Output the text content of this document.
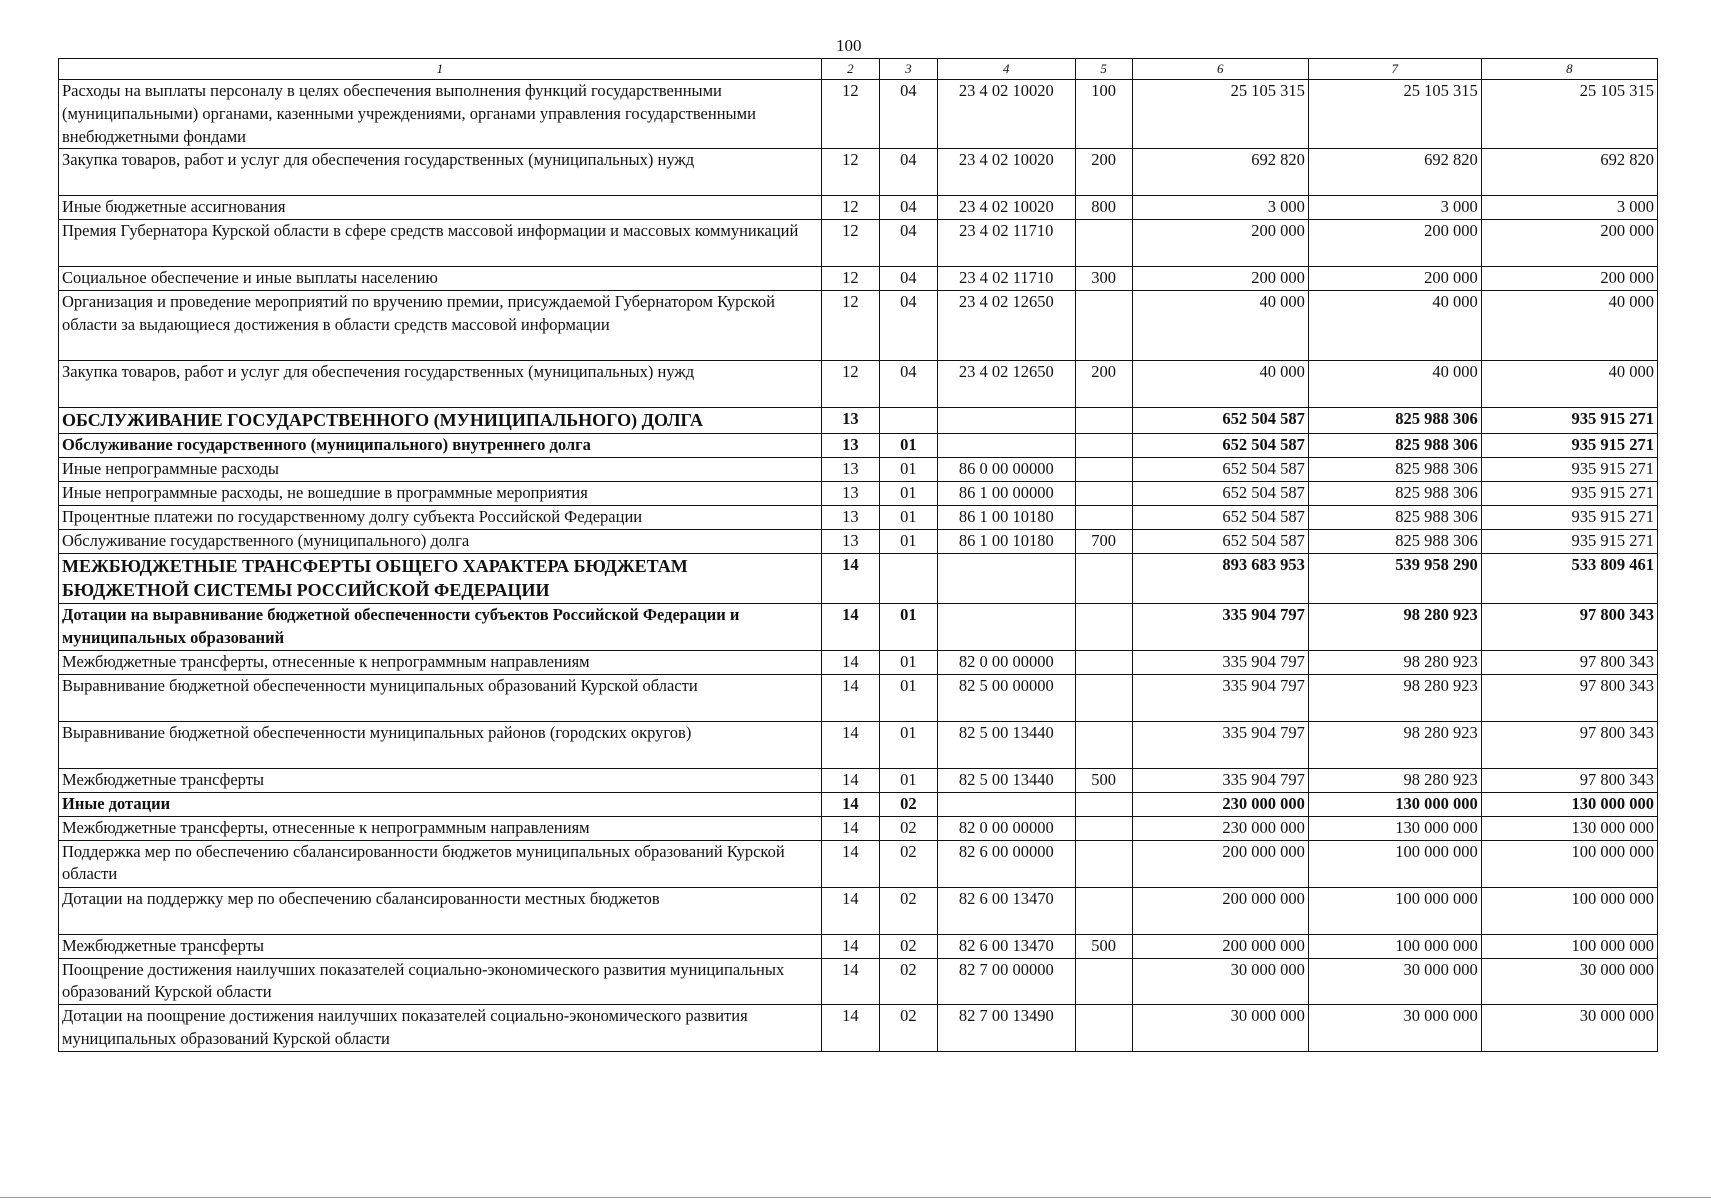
100
1	2	3	4	5	6	7	8
Расходы на выплаты персоналу в целях обеспечения выполнения функций государственными (муниципальными) органами, казенными учреждениями, органами управления государственными внебюджетными фондами	12	04	23 4 02 10020	100	25 105 315	25 105 315	25 105 315
Закупка товаров, работ и услуг для обеспечения государственных (муниципальных) нужд	12	04	23 4 02 10020	200	692 820	692 820	692 820
Иные бюджетные ассигнования	12	04	23 4 02 10020	800	3 000	3 000	3 000
Премия Губернатора Курской области в сфере средств массовой информации и массовых коммуникаций	12	04	23 4 02 11710		200 000	200 000	200 000
Социальное обеспечение и иные выплаты населению	12	04	23 4 02 11710	300	200 000	200 000	200 000
Организация и проведение мероприятий по вручению премии, присуждаемой Губернатором Курской области за выдающиеся достижения в области средств массовой информации	12	04	23 4 02 12650		40 000	40 000	40 000
Закупка товаров, работ и услуг для обеспечения государственных (муниципальных) нужд	12	04	23 4 02 12650	200	40 000	40 000	40 000
ОБСЛУЖИВАНИЕ ГОСУДАРСТВЕННОГО (МУНИЦИПАЛЬНОГО) ДОЛГА	13				652 504 587	825 988 306	935 915 271
Обслуживание государственного (муниципального) внутреннего долга	13	01			652 504 587	825 988 306	935 915 271
Иные непрограммные расходы	13	01	86 0 00 00000		652 504 587	825 988 306	935 915 271
Иные непрограммные расходы, не вошедшие в программные мероприятия	13	01	86 1 00 00000		652 504 587	825 988 306	935 915 271
Процентные платежи по государственному долгу субъекта Российской Федерации	13	01	86 1 00 10180		652 504 587	825 988 306	935 915 271
Обслуживание государственного (муниципального) долга	13	01	86 1 00 10180	700	652 504 587	825 988 306	935 915 271
МЕЖБЮДЖЕТНЫЕ ТРАНСФЕРТЫ ОБЩЕГО ХАРАКТЕРА БЮДЖЕТАМ БЮДЖЕТНОЙ СИСТЕМЫ РОССИЙСКОЙ ФЕДЕРАЦИИ	14				893 683 953	539 958 290	533 809 461
Дотации на выравнивание бюджетной обеспеченности субъектов Российской Федерации и муниципальных образований	14	01			335 904 797	98 280 923	97 800 343
Межбюджетные трансферты, отнесенные к непрограммным направлениям	14	01	82 0 00 00000		335 904 797	98 280 923	97 800 343
Выравнивание бюджетной обеспеченности муниципальных образований Курской области	14	01	82 5 00 00000		335 904 797	98 280 923	97 800 343
Выравнивание бюджетной обеспеченности муниципальных районов (городских округов)	14	01	82 5 00 13440		335 904 797	98 280 923	97 800 343
Межбюджетные трансферты	14	01	82 5 00 13440	500	335 904 797	98 280 923	97 800 343
Иные дотации	14	02			230 000 000	130 000 000	130 000 000
Межбюджетные трансферты, отнесенные к непрограммным направлениям	14	02	82 0 00 00000		230 000 000	130 000 000	130 000 000
Поддержка мер по обеспечению сбалансированности бюджетов муниципальных образований Курской области	14	02	82 6 00 00000		200 000 000	100 000 000	100 000 000
Дотации на поддержку мер по обеспечению сбалансированности местных бюджетов	14	02	82 6 00 13470		200 000 000	100 000 000	100 000 000
Межбюджетные трансферты	14	02	82 6 00 13470	500	200 000 000	100 000 000	100 000 000
Поощрение достижения наилучших показателей социально-экономического развития муниципальных образований Курской области	14	02	82 7 00 00000		30 000 000	30 000 000	30 000 000
Дотации на поощрение достижения наилучших показателей социально-экономического развития муниципальных образований Курской области	14	02	82 7 00 13490		30 000 000	30 000 000	30 000 000
